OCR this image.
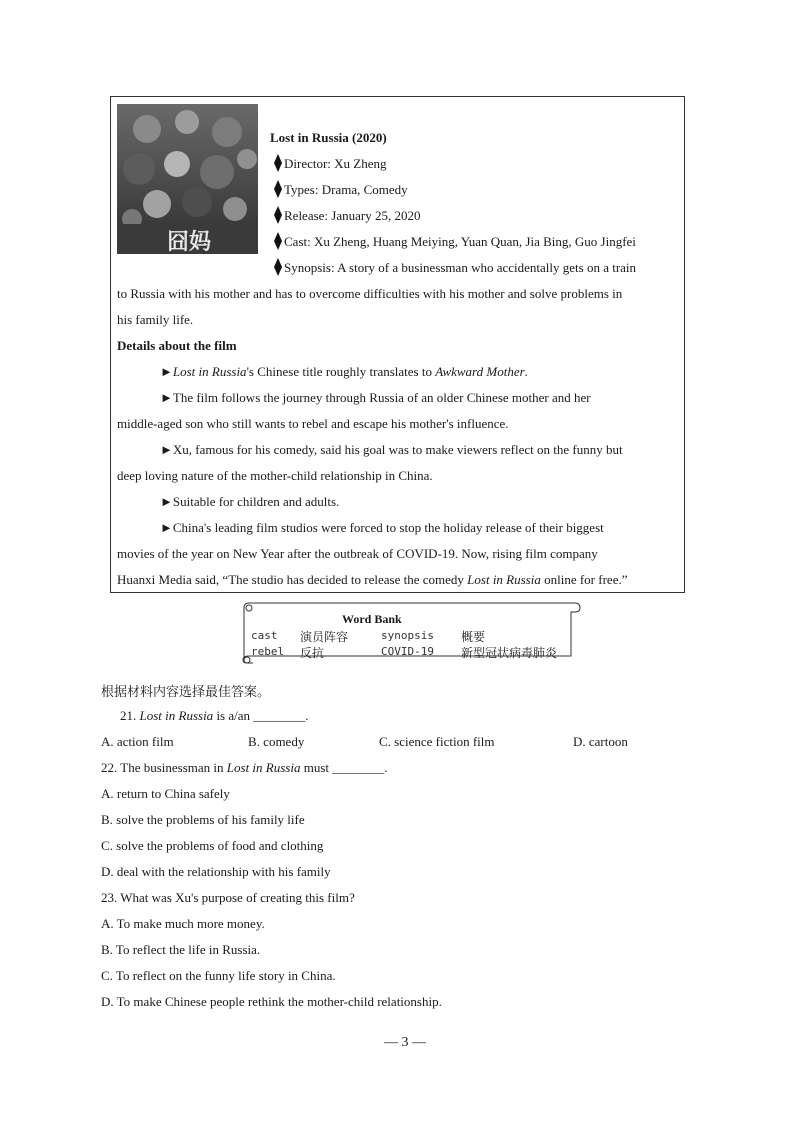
囧妈
Lost in Russia (2020)
Director: Xu Zheng
Types: Drama, Comedy
Release: January 25, 2020
Cast: Xu Zheng, Huang Meiying, Yuan Quan, Jia Bing, Guo Jingfei
Synopsis: A story of a businessman who accidentally gets on a train
to Russia with his mother and has to overcome difficulties with his mother and solve problems in
his family life.
Details about the film
►Lost in Russia's Chinese title roughly translates to Awkward Mother.
►The film follows the journey through Russia of an older Chinese mother and her
middle-aged son who still wants to rebel and escape his mother's influence.
►Xu, famous for his comedy, said his goal was to make viewers reflect on the funny but
deep loving nature of the mother-child relationship in China.
►Suitable for children and adults.
►China's leading film studios were forced to stop the holiday release of their biggest
movies of the year on New Year after the outbreak of COVID-19. Now, rising film company
Huanxi Media said, “The studio has decided to release the comedy Lost in Russia online for free.”
Word Bank
cast 演员阵容	synopsis 概要
rebel 反抗	COVID-19 新型冠状病毒肺炎
根据材料内容选择最佳答案。
21. Lost in Russia is a/an ________.
A. action film	B. comedy	C. science fiction film	D. cartoon
22. The businessman in Lost in Russia must ________.
A. return to China safely
B. solve the problems of his family life
C. solve the problems of food and clothing
D. deal with the relationship with his family
23. What was Xu's purpose of creating this film?
A. To make much more money.
B. To reflect the life in Russia.
C. To reflect on the funny life story in China.
D. To make Chinese people rethink the mother-child relationship.
— 3 —
